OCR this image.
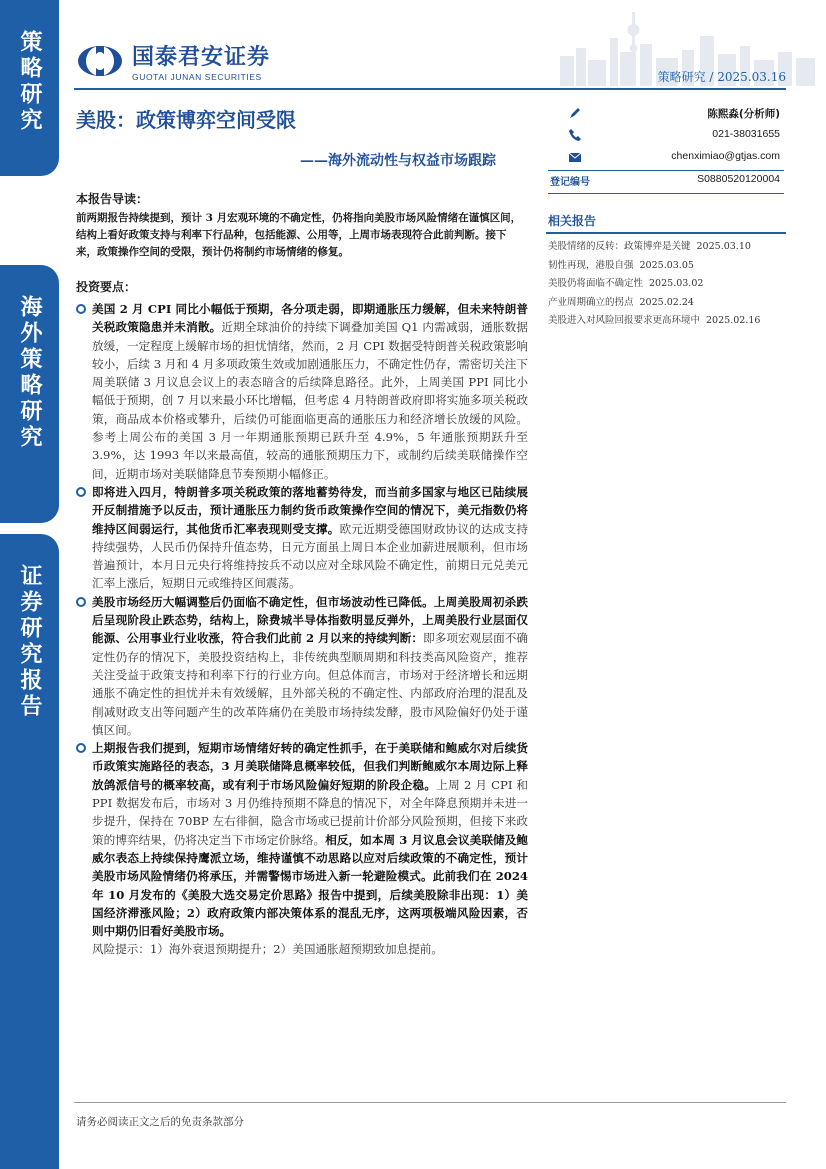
策略研究
海外策略研究
证券研究报告
国泰君安证券
GUOTAI JUNAN SECURITIES	策略研究 / 2025.03.16
美股：政策博弈空间受限
——海外流动性与权益市场跟踪
陈熙淼(分析师)
021-38031655
chenximiao@gtjas.com
登记编号	S0880520120004
本报告导读：
前两期报告持续提到，预计 3 月宏观环境的不确定性，仍将指向美股市场风险情绪在谨慎区间，结构上看好政策支持与利率下行品种，包括能源、公用等，上周市场表现符合此前判断。接下来，政策操作空间的受限，预计仍将制约市场情绪的修复。
相关报告
美股情绪的反转：政策博弈是关键 2025.03.10
韧性再现，港股自强 2025.03.05
美股仍将面临不确定性 2025.03.02
产业周期确立的拐点 2025.02.24
美股进入对风险回报要求更高环境中 2025.02.16
投资要点：
美国 2 月 CPI 同比小幅低于预期，各分项走弱，即期通胀压力缓解，但未来特朗普关税政策隐患并未消散。近期全球油价的持续下调叠加美国 Q1 内需减弱，通胀数据放缓，一定程度上缓解市场的担忧情绪，然而，2 月 CPI 数据受特朗普关税政策影响较小，后续 3 月和 4 月多项政策生效或加剧通胀压力，不确定性仍存，需密切关注下周美联储 3 月议息会议上的表态暗含的后续降息路径。此外，上周美国 PPI 同比小幅低于预期，创 7 月以来最小环比增幅，但考虑 4 月特朗普政府即将实施多项关税政策，商品成本价格或攀升，后续仍可能面临更高的通胀压力和经济增长放缓的风险。参考上周公布的美国 3 月一年期通胀预期已跃升至 4.9%，5 年通胀预期跃升至 3.9%，达 1993 年以来最高值，较高的通胀预期压力下，或制约后续美联储操作空间，近期市场对美联储降息节奏预期小幅修正。
即将进入四月，特朗普多项关税政策的落地蓄势待发，而当前多国家与地区已陆续展开反制措施予以反击，预计通胀压力制约货币政策操作空间的情况下，美元指数仍将维持区间弱运行，其他货币汇率表现则受支撑。欧元近期受德国财政协议的达成支持持续强势，人民币仍保持升值态势，日元方面虽上周日本企业加薪进展顺利，但市场普遍预计，本月日元央行将维持按兵不动以应对全球风险不确定性，前期日元兑美元汇率上涨后，短期日元或维持区间震荡。
美股市场经历大幅调整后仍面临不确定性，但市场波动性已降低。上周美股周初杀跌后呈现阶段止跌态势，结构上，除费城半导体指数明显反弹外，上周美股行业层面仅能源、公用事业行业收涨，符合我们此前 2 月以来的持续判断：即多项宏观层面不确定性仍存的情况下，美股投资结构上，非传统典型顺周期和科技类高风险资产，推荐关注受益于政策支持和利率下行的行业方向。但总体而言，市场对于经济增长和远期通胀不确定性的担忧并未有效缓解，且外部关税的不确定性、内部政府治理的混乱及削减财政支出等问题产生的改革阵痛仍在美股市场持续发酵，股市风险偏好仍处于谨慎区间。
上期报告我们提到，短期市场情绪好转的确定性抓手，在于美联储和鲍威尔对后续货币政策实施路径的表态，3 月美联储降息概率较低，但我们判断鲍威尔本周边际上释放鸽派信号的概率较高，或有利于市场风险偏好短期的阶段企稳。上周 2 月 CPI 和 PPI 数据发布后，市场对 3 月仍维持预期不降息的情况下，对全年降息预期并未进一步提升，保持在 70BP 左右徘徊，隐含市场或已提前计价部分风险预期，但接下来政策的博弈结果，仍将决定当下市场定价脉络。相反，如本周 3 月议息会议美联储及鲍威尔表态上持续保持鹰派立场，维持谨慎不动思路以应对后续政策的不确定性，预计美股市场风险情绪仍将承压，并需警惕市场进入新一轮避险模式。此前我们在 2024 年 10 月发布的《美股大选交易定价思路》报告中提到，后续美股除非出现：1）美国经济滞涨风险；2）政府政策内部决策体系的混乱无序，这两项极端风险因素，否则中期仍旧看好美股市场。
风险提示：1）海外衰退预期提升；2）美国通胀超预期致加息提前。
请务必阅读正文之后的免责条款部分
